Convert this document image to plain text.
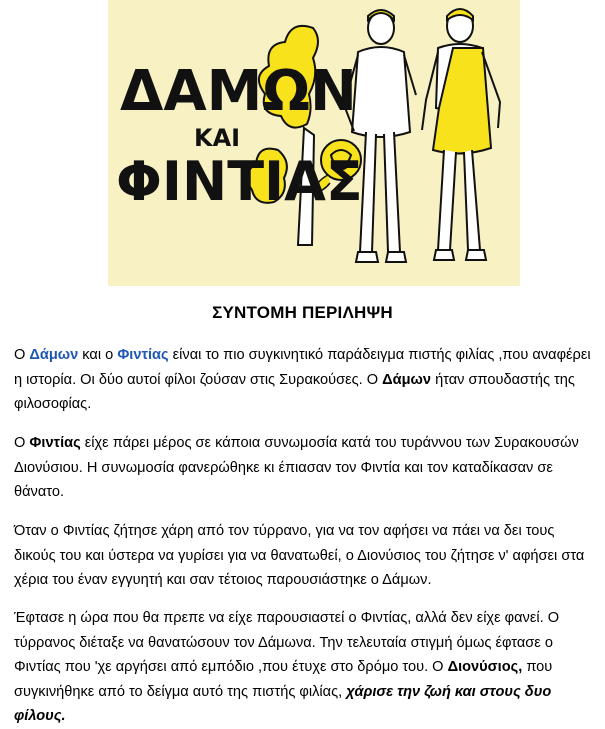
ΔΑΜΩΝ
ΚΑΙ
ΦΙΝΤΙΑΣ
ΣΥΝΤΟΜΗ ΠΕΡΙΛΗΨΗ

Ο Δάμων και ο Φιντίας είναι το πιο συγκινητικό παράδειγμα πιστής φιλίας ,που αναφέρει η ιστορία. Οι δύο αυτοί φίλοι ζούσαν στις Συρακούσες. Ο Δάμων ήταν σπουδαστής της φιλοσοφίας.

Ο Φιντίας είχε πάρει μέρος σε κάποια συνωμοσία κατά του τυράννου των Συρακουσών Διονύσιου. Η συνωμοσία φανερώθηκε κι έπιασαν τον Φιντία και τον καταδίκασαν σε θάνατο.

Όταν ο Φιντίας ζήτησε χάρη από τον τύρρανο, για να τον αφήσει να πάει να δει τους δικούς του και ύστερα να γυρίσει για να θανατωθεί, ο Διονύσιος του ζήτησε ν' αφήσει στα χέρια του έναν εγγυητή και σαν τέτοιος παρουσιάστηκε ο Δάμων.

Έφτασε η ώρα που θα πρεπε να είχε παρουσιαστεί ο Φιντίας, αλλά δεν είχε φανεί. Ο τύρρανος διέταξε να θανατώσουν τον Δάμωνα. Την τελευταία στιγμή όμως έφτασε ο Φιντίας που 'χε αργήσει από εμπόδιο ,που έτυχε στο δρόμο του. Ο Διονύσιος, που συγκινήθηκε από το δείγμα αυτό της πιστής φιλίας, χάρισε την ζωή και στους δυο φίλους.
